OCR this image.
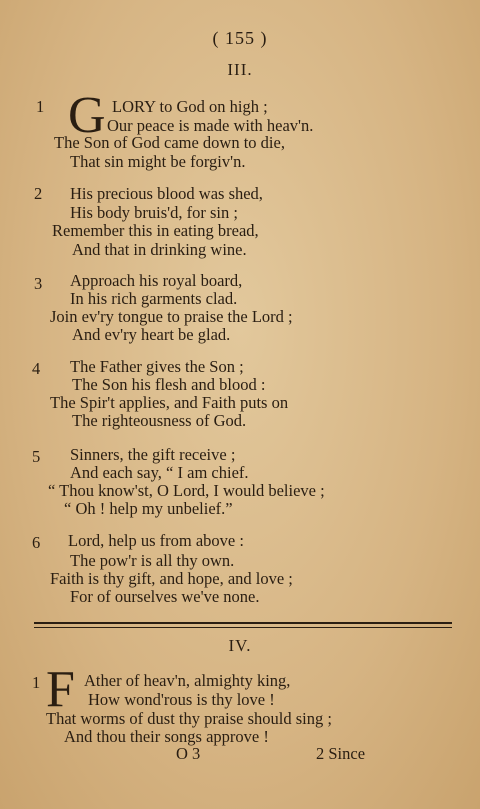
( 155 )
III.
1 G LORY to God on high ;
Our peace is made with heav'n.
The Son of God came down to die,
That sin might be forgiv'n.
2 His precious blood was shed,
His body bruis'd, for sin ;
Remember this in eating bread,
And that in drinking wine.
3 Approach his royal board,
In his rich garments clad.
Join ev'ry tongue to praise the Lord ;
And ev'ry heart be glad.
4 The Father gives the Son ;
The Son his flesh and blood :
The Spir't applies, and Faith puts on
The righteousness of God.
5 Sinners, the gift receive ;
And each say, “ I am chief.
“ Thou know'st, O Lord, I would believe ;
“ Oh ! help my unbelief.”
6 Lord, help us from above :
The pow'r is all thy own.
Faith is thy gift, and hope, and love ;
For of ourselves we've none.
IV.
1 F Ather of heav'n, almighty king,
How wond'rous is thy love !
That worms of dust thy praise should sing ;
And thou their songs approve !
O 3	2 Since
